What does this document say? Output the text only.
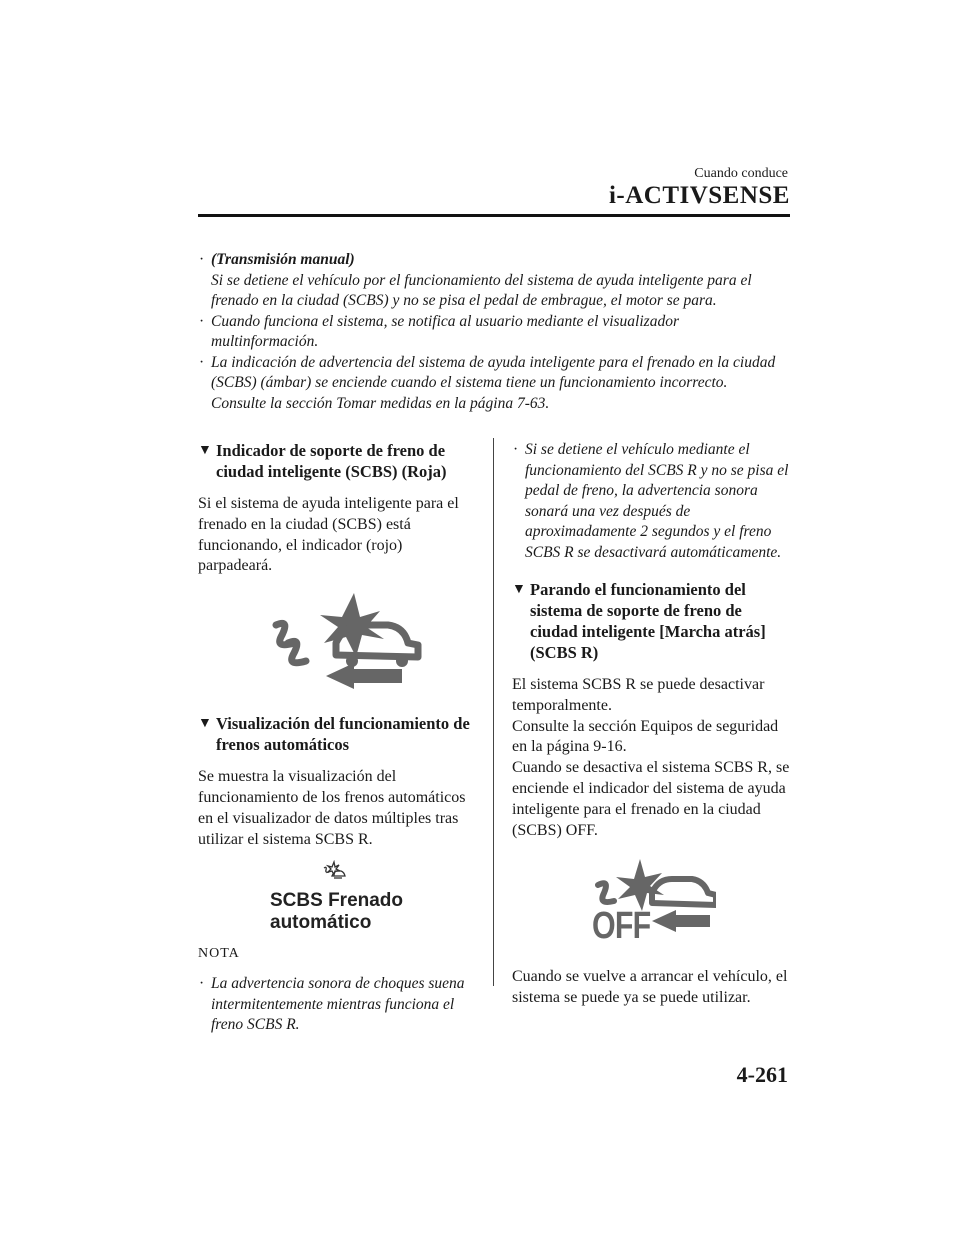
Cuando conduce
i-ACTIVSENSE

· (Transmisión manual)
Si se detiene el vehículo por el funcionamiento del sistema de ayuda inteligente para el frenado en la ciudad (SCBS) y no se pisa el pedal de embrague, el motor se para.

· Cuando funciona el sistema, se notifica al usuario mediante el visualizador multinformación.

· La indicación de advertencia del sistema de ayuda inteligente para el frenado en la ciudad (SCBS) (ámbar) se enciende cuando el sistema tiene un funcionamiento incorrecto.
Consulte la sección Tomar medidas en la página 7-63.

▼ Indicador de soporte de freno de ciudad inteligente (SCBS) (Roja)

Si el sistema de ayuda inteligente para el frenado en la ciudad (SCBS) está funcionando, el indicador (rojo) parpadeará.

▼ Visualización del funcionamiento de frenos automáticos

Se muestra la visualización del funcionamiento de los frenos automáticos en el visualizador de datos múltiples tras utilizar el sistema SCBS R.

SCBS Frenado
automático

NOTA

· La advertencia sonora de choques suena intermitentemente mientras funciona el freno SCBS R.

· Si se detiene el vehículo mediante el funcionamiento del SCBS R y no se pisa el pedal de freno, la advertencia sonora sonará una vez después de aproximadamente 2 segundos y el freno SCBS R se desactivará automáticamente.

▼ Parando el funcionamiento del sistema de soporte de freno de ciudad inteligente [Marcha atrás] (SCBS R)

El sistema SCBS R se puede desactivar temporalmente.
Consulte la sección Equipos de seguridad en la página 9-16.
Cuando se desactiva el sistema SCBS R, se enciende el indicador del sistema de ayuda inteligente para el frenado en la ciudad (SCBS) OFF.

OFF

Cuando se vuelve a arrancar el vehículo, el sistema se puede ya se puede utilizar.

4-261
